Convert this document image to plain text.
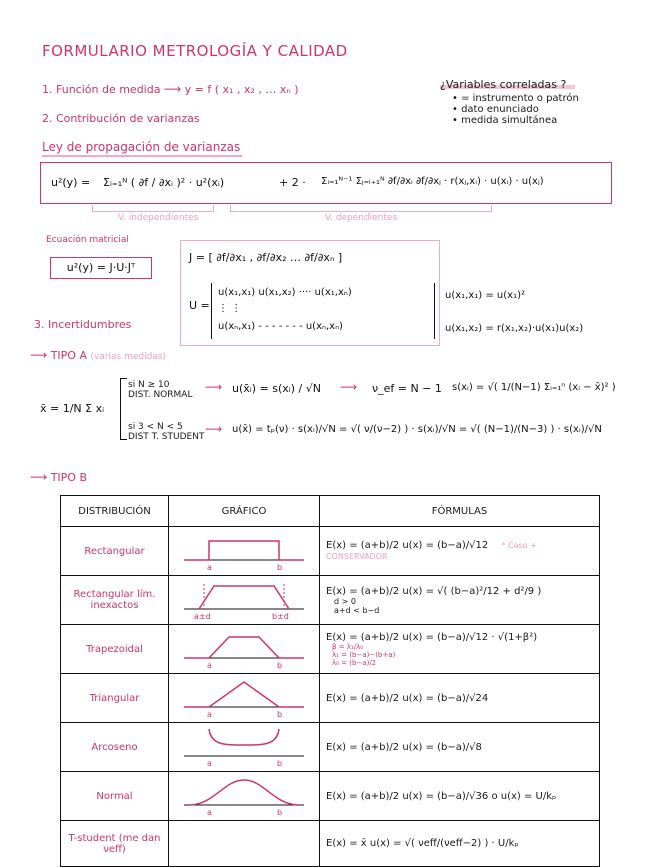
FORMULARIO METROLOGÍA Y CALIDAD
1. Función de medida ⟶ y = f ( x₁ , x₂ , … xₙ )
2. Contribución de varianzas
¿Variables correladas ?
• = instrumento o patrón
• dato enunciado
• medida simultánea
Ley de propagación de varianzas
u²(y) = Σᵢ₌₁ᴺ ( ∂f / ∂xᵢ )² · u²(xᵢ)	+ 2 · Σᵢ₌₁ᴺ⁻¹ Σⱼ₌ᵢ₊₁ᴺ ∂f/∂xᵢ ∂f/∂xⱼ · r(xⱼ,xᵢ) · u(xᵢ) · u(xⱼ)
V. independientes	V. dependientes
Ecuación matricial
u²(y) = J·U·Jᵀ
J = [ ∂f/∂x₁ , ∂f/∂x₂ … ∂f/∂xₙ ]
U =
u(x₁,x₁) u(x₁,x₂) ···· u(x₁,xₙ)
⋮ ⋮
u(xₙ,x₁) - - - - - - - u(xₙ,xₙ)
u(x₁,x₁) = u(x₁)²
u(x₁,x₂) = r(x₁,x₂)·u(x₁)u(x₂)
3. Incertidumbres
⟶ TIPO A (varias medidas)
x̄ = 1/N Σ xᵢ
si N ≥ 10
DIST. NORMAL
⟶ u(x̄ᵢ) = s(xᵢ) / √N ⟶ ν_ef = N − 1 s(xᵢ) = √( 1/(N−1) Σᵢ₌₁ⁿ (xᵢ − x̄)² )
si 3 < N < 5
DIST T. STUDENT
⟶ u(x̄) = tₚ(ν) · s(xᵢ)/√N = √( ν/(ν−2) ) · s(xᵢ)/√N = √( (N−1)/(N−3) ) · s(xᵢ)/√N
⟶ TIPO B
DISTRIBUCIÓN	GRÁFICO	FÓRMULAS
Rectangular	a b	E(x) = (a+b)/2 u(x) = (b−a)/√12 * Caso + CONSERVADOR
Rectangular lím. inexactos	a±d b±d	E(x) = (a+b)/2 u(x) = √( (b−a)²/12 + d²/9 ) d > 0
a+d < b−d
Trapezoidal	a b	E(x) = (a+b)/2 u(x) = (b−a)/√12 · √(1+β²) β = λ₁/λ₀
λ₁ = (b−a)−(b+a)
λ₀ = (b−a)/2
Triangular	a b	E(x) = (a+b)/2 u(x) = (b−a)/√24
Arcoseno	a b	E(x) = (a+b)/2 u(x) = (b−a)/√8
Normal	a b	E(x) = (a+b)/2 u(x) = (b−a)/√36 o u(x) = U/kₚ
T-student (me dan νeff)		E(x) = x̄ u(x) = √( νeff/(νeff−2) ) · U/kₚ
